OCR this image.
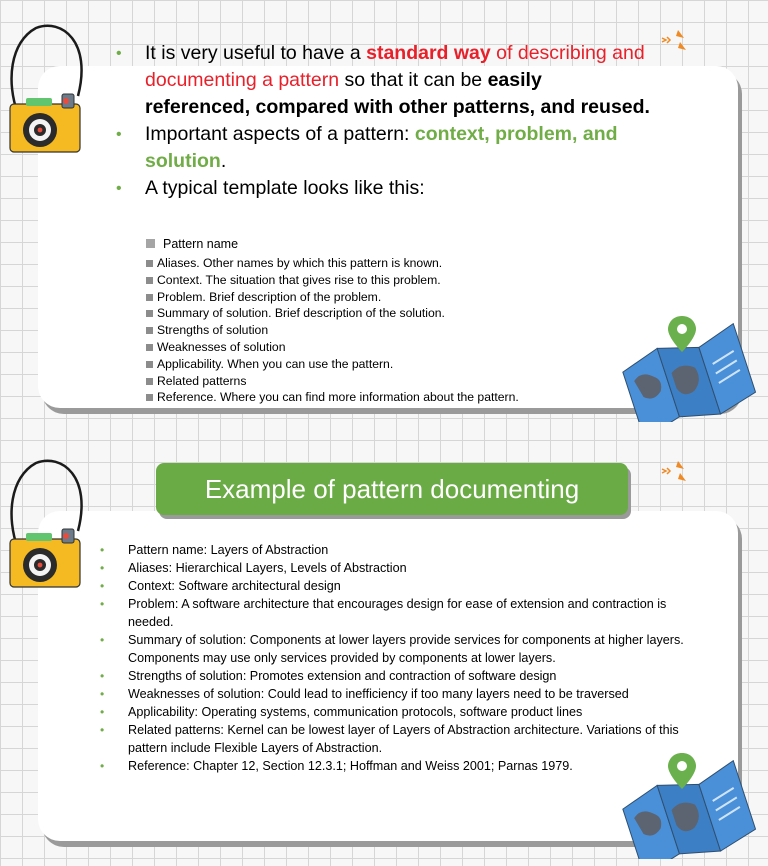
• It is very useful to have a standard way of describing and documenting a pattern so that it can be easily referenced, compared with other patterns, and reused.
• Important aspects of a pattern: context, problem, and solution.
• A typical template looks like this:
Pattern name
Aliases. Other names by which this pattern is known.
Context. The situation that gives rise to this problem.
Problem. Brief description of the problem.
Summary of solution. Brief description of the solution.
Strengths of solution
Weaknesses of solution
Applicability. When you can use the pattern.
Related patterns
Reference. Where you can find more information about the pattern.
Example of pattern documenting
• Pattern name: Layers of Abstraction
• Aliases: Hierarchical Layers, Levels of Abstraction
• Context: Software architectural design
• Problem: A software architecture that encourages design for ease of extension and contraction is needed.
• Summary of solution: Components at lower layers provide services for components at higher layers. Components may use only services provided by components at lower layers.
• Strengths of solution: Promotes extension and contraction of software design
• Weaknesses of solution: Could lead to inefficiency if too many layers need to be traversed
• Applicability: Operating systems, communication protocols, software product lines
• Related patterns: Kernel can be lowest layer of Layers of Abstraction architecture. Variations of this pattern include Flexible Layers of Abstraction.
• Reference: Chapter 12, Section 12.3.1; Hoffman and Weiss 2001; Parnas 1979.
